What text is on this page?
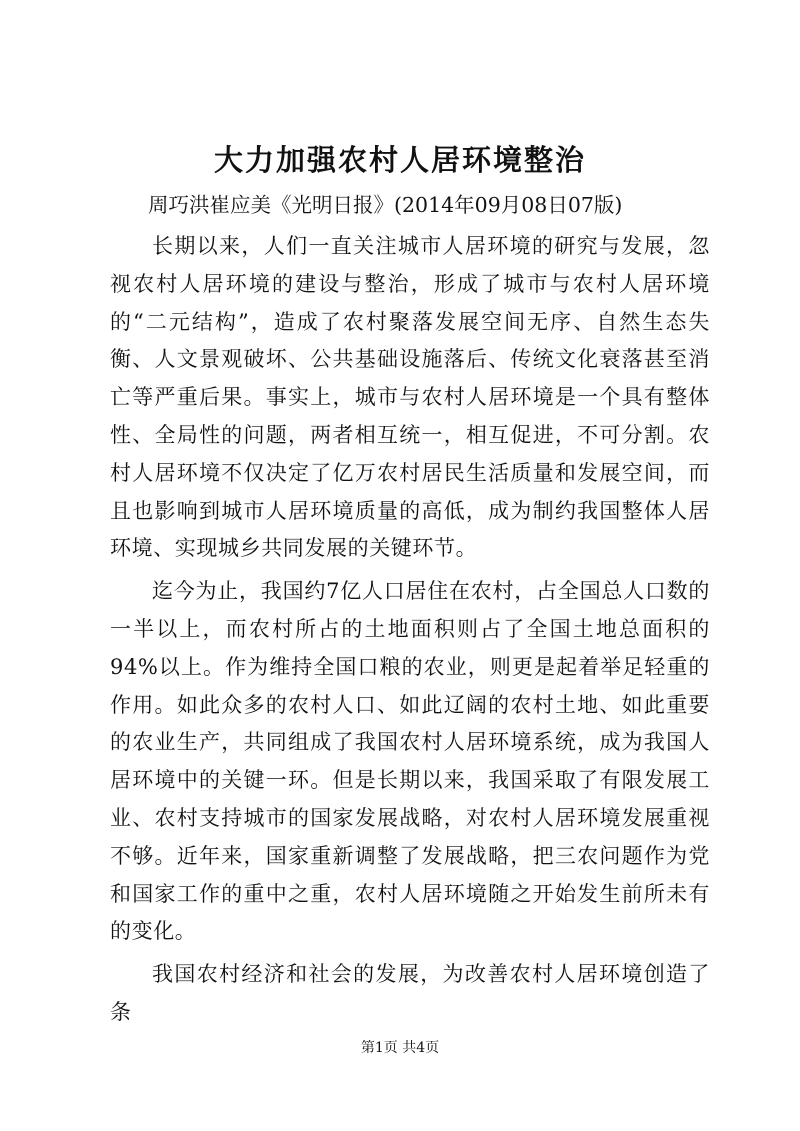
大力加强农村人居环境整治
周巧洪崔应美《光明日报》(2014年09月08日07版)

长期以来，人们一直关注城市人居环境的研究与发展，忽视农村人居环境的建设与整治，形成了城市与农村人居环境的“二元结构”，造成了农村聚落发展空间无序、自然生态失衡、人文景观破坏、公共基础设施落后、传统文化衰落甚至消亡等严重后果。事实上，城市与农村人居环境是一个具有整体性、全局性的问题，两者相互统一，相互促进，不可分割。农村人居环境不仅决定了亿万农村居民生活质量和发展空间，而且也影响到城市人居环境质量的高低，成为制约我国整体人居环境、实现城乡共同发展的关键环节。

迄今为止，我国约7亿人口居住在农村，占全国总人口数的一半以上，而农村所占的土地面积则占了全国土地总面积的94%以上。作为维持全国口粮的农业，则更是起着举足轻重的作用。如此众多的农村人口、如此辽阔的农村土地、如此重要的农业生产，共同组成了我国农村人居环境系统，成为我国人居环境中的关键一环。但是长期以来，我国采取了有限发展工业、农村支持城市的国家发展战略，对农村人居环境发展重视不够。近年来，国家重新调整了发展战略，把三农问题作为党和国家工作的重中之重，农村人居环境随之开始发生前所未有的变化。

我国农村经济和社会的发展，为改善农村人居环境创造了条

第1页 共4页
